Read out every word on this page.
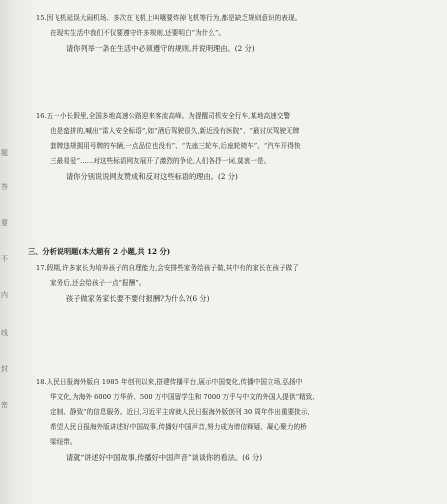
题
答
要
不
内
线
封
密

15.因飞机延误大闹机场、多次在飞机上叫嚷要炸掉飞机等行为,都是缺乏规则意识的表现。

在现实生活中我们不仅要遵守许多规则,还要明白“为什么”。

请你列举一条在生活中必须遵守的规则,并说明理由。(2 分)

16.五一小长假里,全国多地高速公路迎来客流高峰。为提醒司机安全行车,某地高速交警

也是蛮拼的,喊出“雷人安全标语”,如“酒后驾驶很久,新近没有医院”、“最讨厌驾驶无牌

套牌违规拥用号牌的车辆,一点品位也没有”、“先座三轮车,后座轮椅车”、“汽车开得快

三最易爱”……对这些标语网友展开了激烈的争论,人们各抒一词,莫衷一是。

请你分别说说网友赞成和反对这些标语的理由。(2 分)

三、分析说明题(本大题有 2 小题,共 12 分)

17.假期,许多家长为培养孩子的自理能力,会安排些家务给孩子做,其中有的家长在孩子做了

家务后,还会给孩子一点“报酬”。

孩子做家务家长要不要付报酬?为什么?(6 分)

18.人民日报海外版自 1985 年创刊以来,搭建传播平台,展示中国变化,传播中国立场,弘扬中

华文化,为海外 6000 万华侨、500 万中国留学生和 7000 万乎与中文的外国人提供“精致、

定制、静致”的信息服务。近日,习近平主席就人民日报海外版创刊 30 周年作出重要批示,

希望人民日报海外版讲述好中国故事,传播好中国声音,努力成为增信释疑、凝心聚力的桥

梁纽带。

请就“讲述好中国故事,传播好中国声音”谈谈你的看法。(6 分)
